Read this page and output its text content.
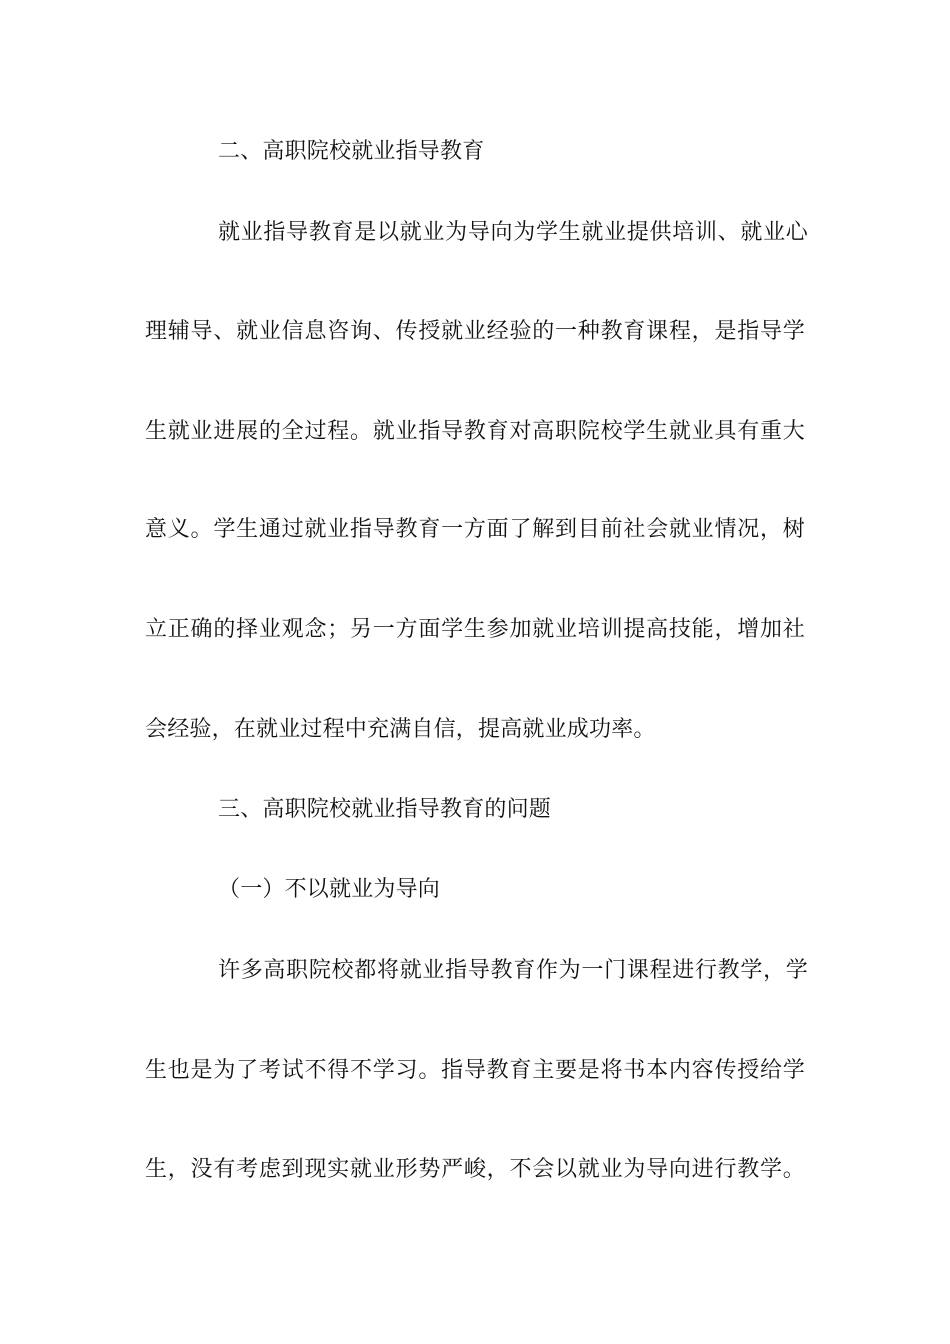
二、高职院校就业指导教育
就业指导教育是以就业为导向为学生就业提供培训、就业心
理辅导、就业信息咨询、传授就业经验的一种教育课程，是指导学
生就业进展的全过程。就业指导教育对高职院校学生就业具有重大
意义。学生通过就业指导教育一方面了解到目前社会就业情况，树
立正确的择业观念；另一方面学生参加就业培训提高技能，增加社
会经验，在就业过程中充满自信，提高就业成功率。
三、高职院校就业指导教育的问题
（一）不以就业为导向
许多高职院校都将就业指导教育作为一门课程进行教学，学
生也是为了考试不得不学习。指导教育主要是将书本内容传授给学
生，没有考虑到现实就业形势严峻，不会以就业为导向进行教学。
